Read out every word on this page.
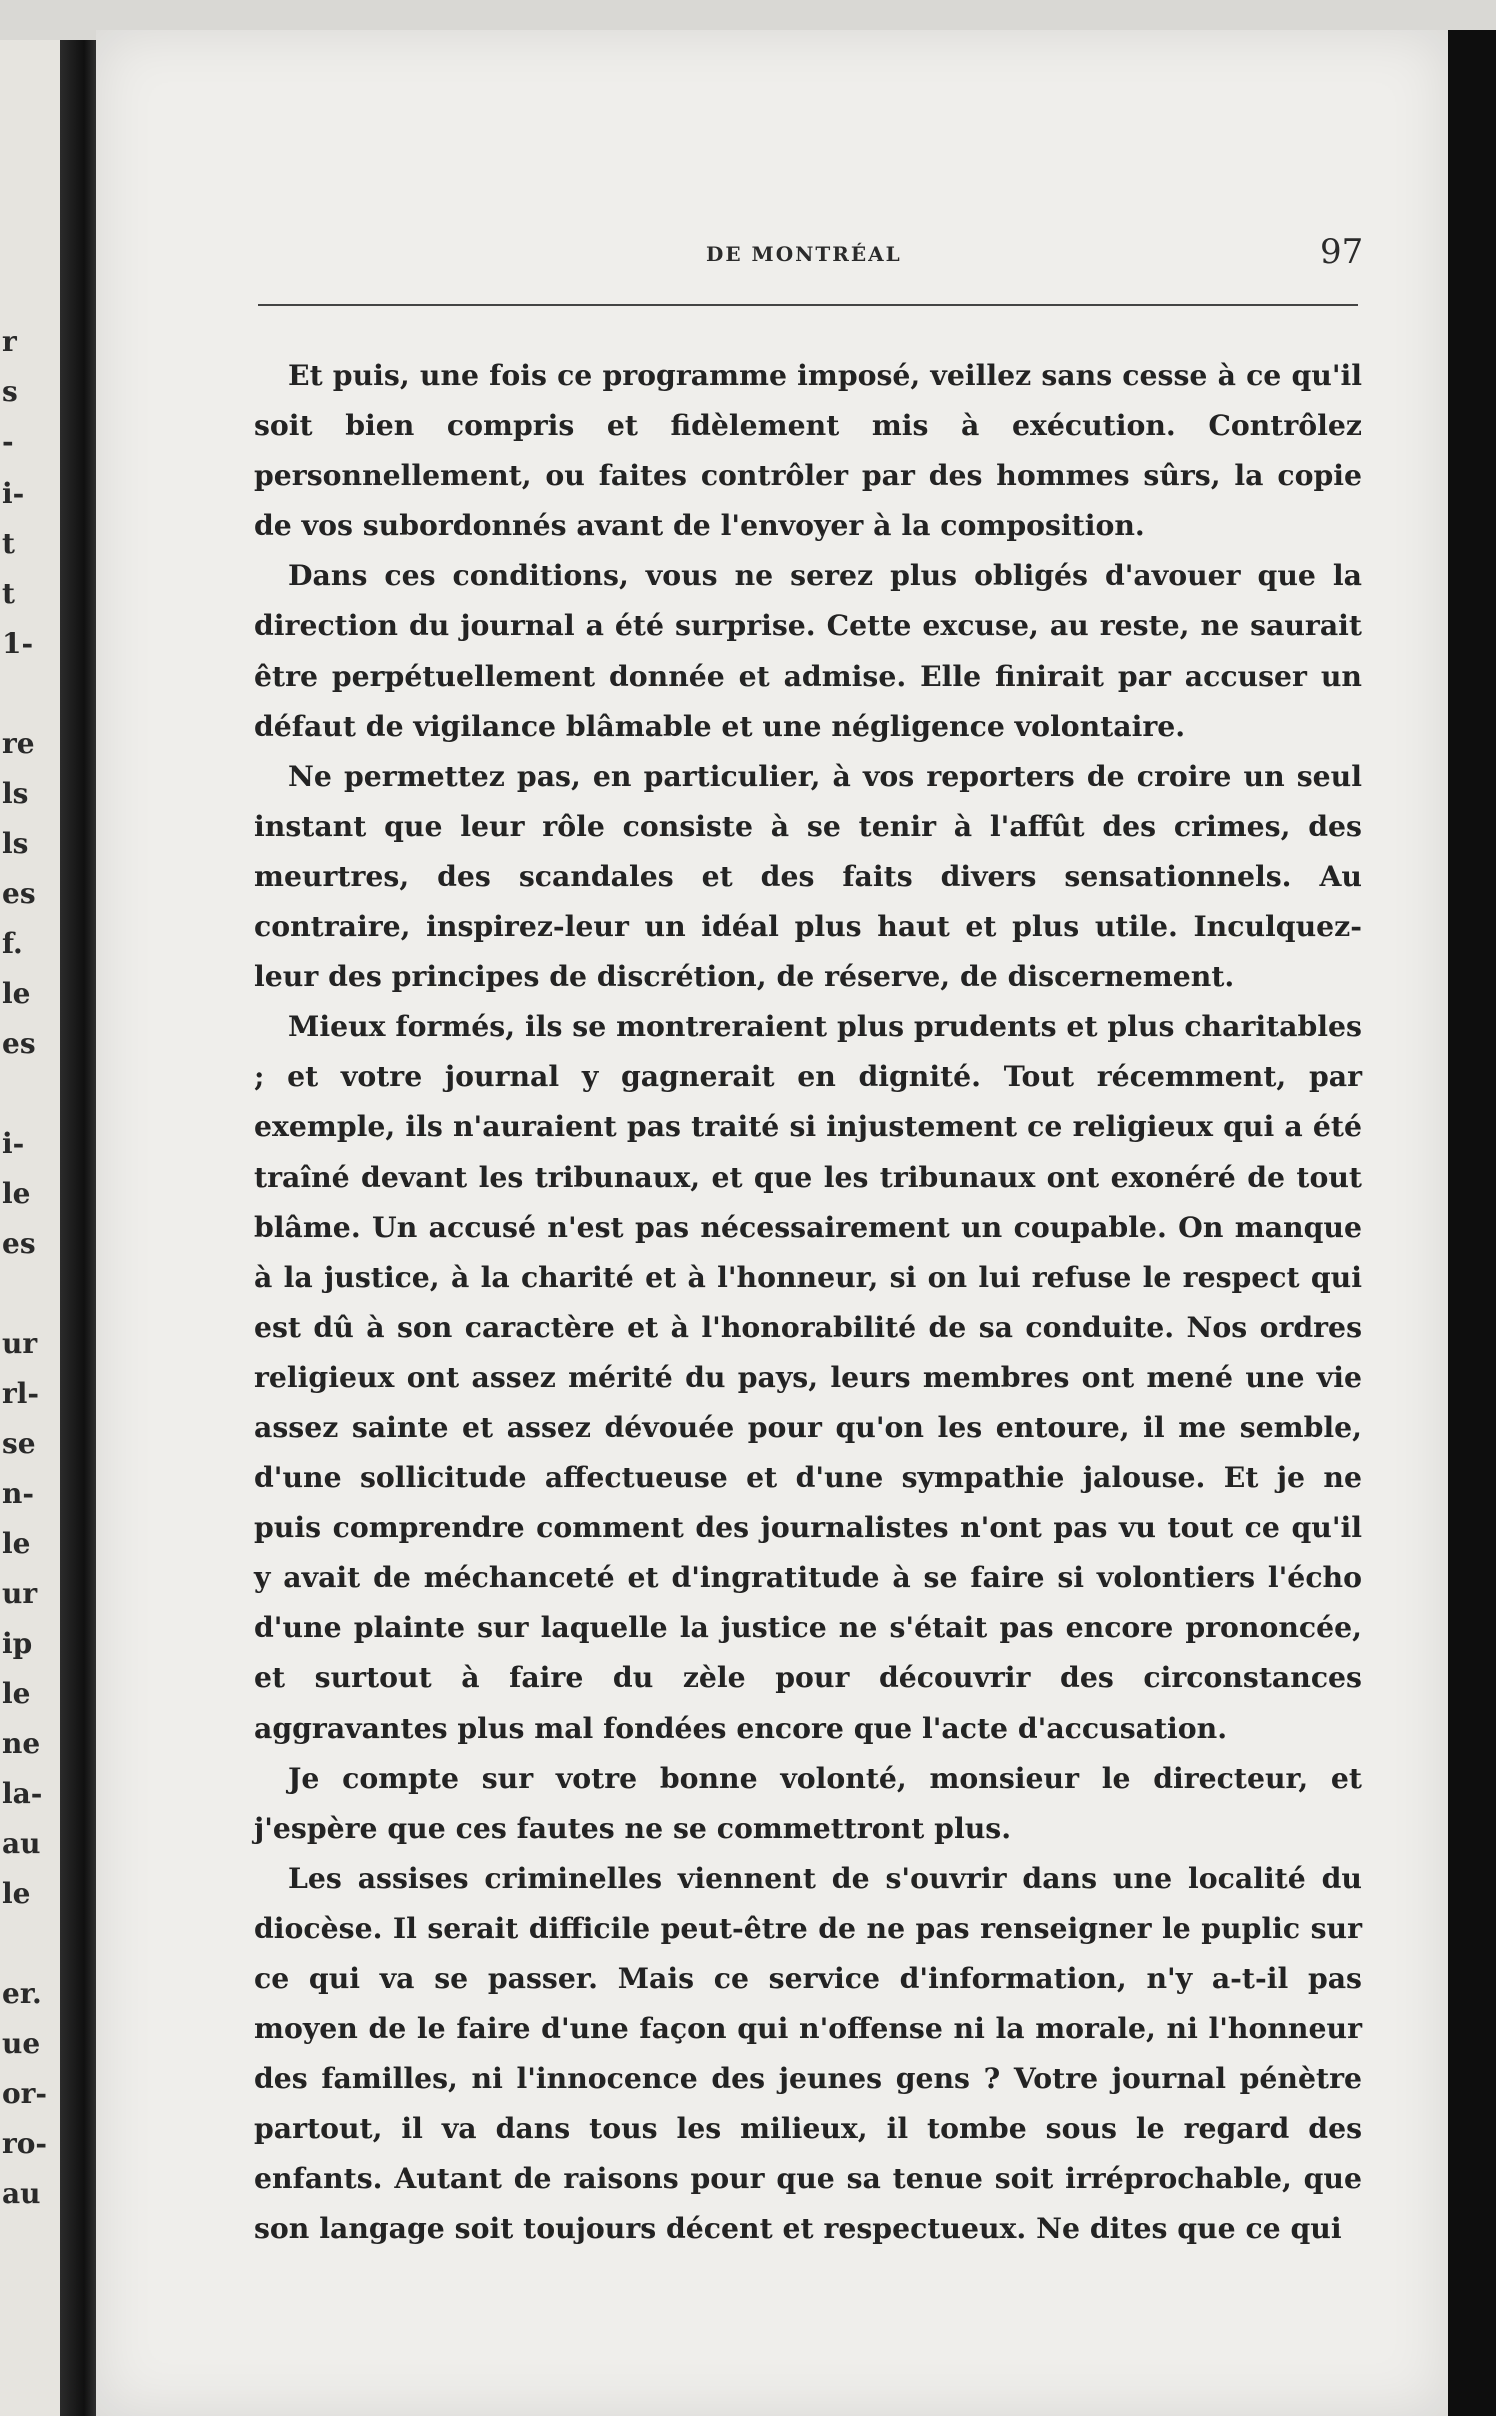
r
s
-
i-
t
t
1-
re
ls
ls
es
f.
le
es
i-
le
es
ur
rl-
se
n-
le
ur
ip
le
ne
la-
au
le
er.
ue
or-
ro-
au
DE MONTRÉAL	97

Et puis, une fois ce programme imposé, veillez sans cesse à ce qu'il soit bien compris et fidèlement mis à exécution. Contrôlez personnellement, ou faites contrôler par des hommes sûrs, la copie de vos subordonnés avant de l'envoyer à la composition.

Dans ces conditions, vous ne serez plus obligés d'avouer que la direction du journal a été surprise. Cette excuse, au reste, ne saurait être perpétuellement donnée et admise. Elle finirait par accuser un défaut de vigilance blâmable et une négligence volontaire.

Ne permettez pas, en particulier, à vos reporters de croire un seul instant que leur rôle consiste à se tenir à l'affût des crimes, des meurtres, des scandales et des faits divers sensationnels. Au contraire, inspirez-leur un idéal plus haut et plus utile. Inculquez-leur des principes de discrétion, de réserve, de discernement.

Mieux formés, ils se montreraient plus prudents et plus charitables ; et votre journal y gagnerait en dignité. Tout récemment, par exemple, ils n'auraient pas traité si injustement ce religieux qui a été traîné devant les tribunaux, et que les tribunaux ont exonéré de tout blâme. Un accusé n'est pas nécessairement un coupable. On manque à la justice, à la charité et à l'honneur, si on lui refuse le respect qui est dû à son caractère et à l'honorabilité de sa conduite. Nos ordres religieux ont assez mérité du pays, leurs membres ont mené une vie assez sainte et assez dévouée pour qu'on les entoure, il me semble, d'une sollicitude affectueuse et d'une sympathie jalouse. Et je ne puis comprendre comment des journalistes n'ont pas vu tout ce qu'il y avait de méchanceté et d'ingratitude à se faire si volontiers l'écho d'une plainte sur laquelle la justice ne s'était pas encore prononcée, et surtout à faire du zèle pour découvrir des circonstances aggravantes plus mal fondées encore que l'acte d'accusation.

Je compte sur votre bonne volonté, monsieur le directeur, et j'espère que ces fautes ne se commettront plus.

Les assises criminelles viennent de s'ouvrir dans une localité du diocèse. Il serait difficile peut-être de ne pas renseigner le puplic sur ce qui va se passer. Mais ce service d'information, n'y a-t-il pas moyen de le faire d'une façon qui n'offense ni la morale, ni l'honneur des familles, ni l'innocence des jeunes gens ? Votre journal pénètre partout, il va dans tous les milieux, il tombe sous le regard des enfants. Autant de raisons pour que sa tenue soit irréprochable, que son langage soit toujours décent et respectueux. Ne dites que ce qui
